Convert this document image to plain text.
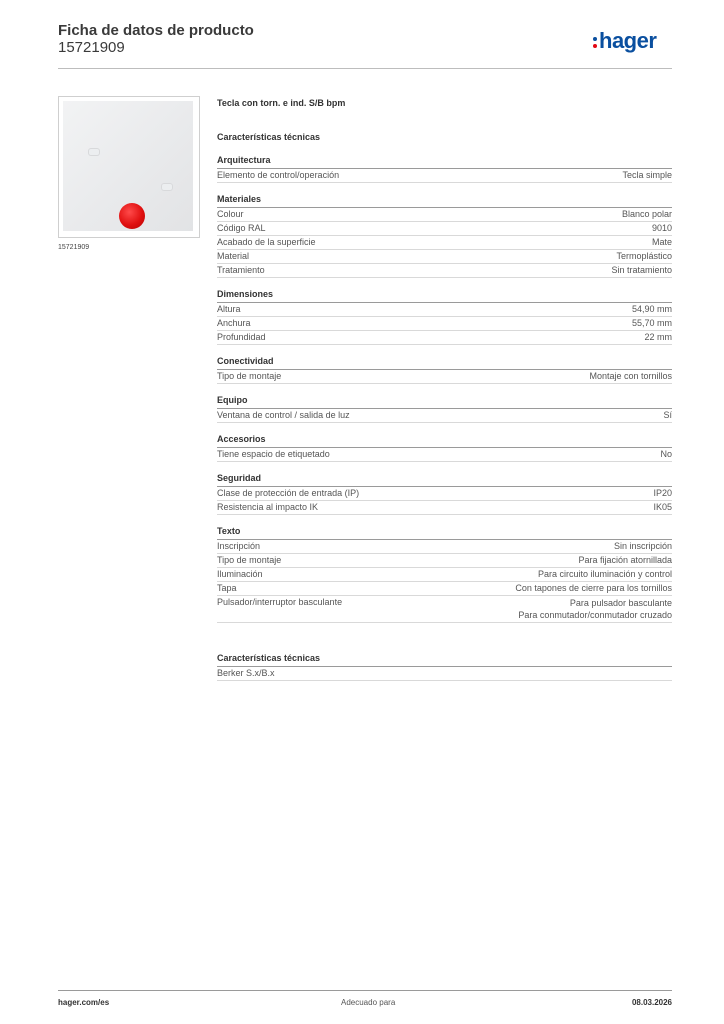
Ficha de datos de producto
15721909	hager
15721909
Tecla con torn. e ind. S/B bpm
Características técnicas
Arquitectura
Elemento de control/operación	Tecla simple
Materiales
Colour	Blanco polar
Código RAL	9010
Acabado de la superficie	Mate
Material	Termoplástico
Tratamiento	Sin tratamiento
Dimensiones
Altura	54,90 mm
Anchura	55,70 mm
Profundidad	22 mm
Conectividad
Tipo de montaje	Montaje con tornillos
Equipo
Ventana de control / salida de luz	Sí
Accesorios
Tiene espacio de etiquetado	No
Seguridad
Clase de protección de entrada (IP)	IP20
Resistencia al impacto IK	IK05
Texto
Inscripción	Sin inscripción
Tipo de montaje	Para fijación atornillada
Iluminación	Para circuito iluminación y control
Tapa	Con tapones de cierre para los tornillos
Pulsador/interruptor basculante	Para pulsador basculante
Para conmutador/conmutador cruzado
Características técnicas
Berker S.x/B.x
hager.com/es	Adecuado para	08.03.2026
